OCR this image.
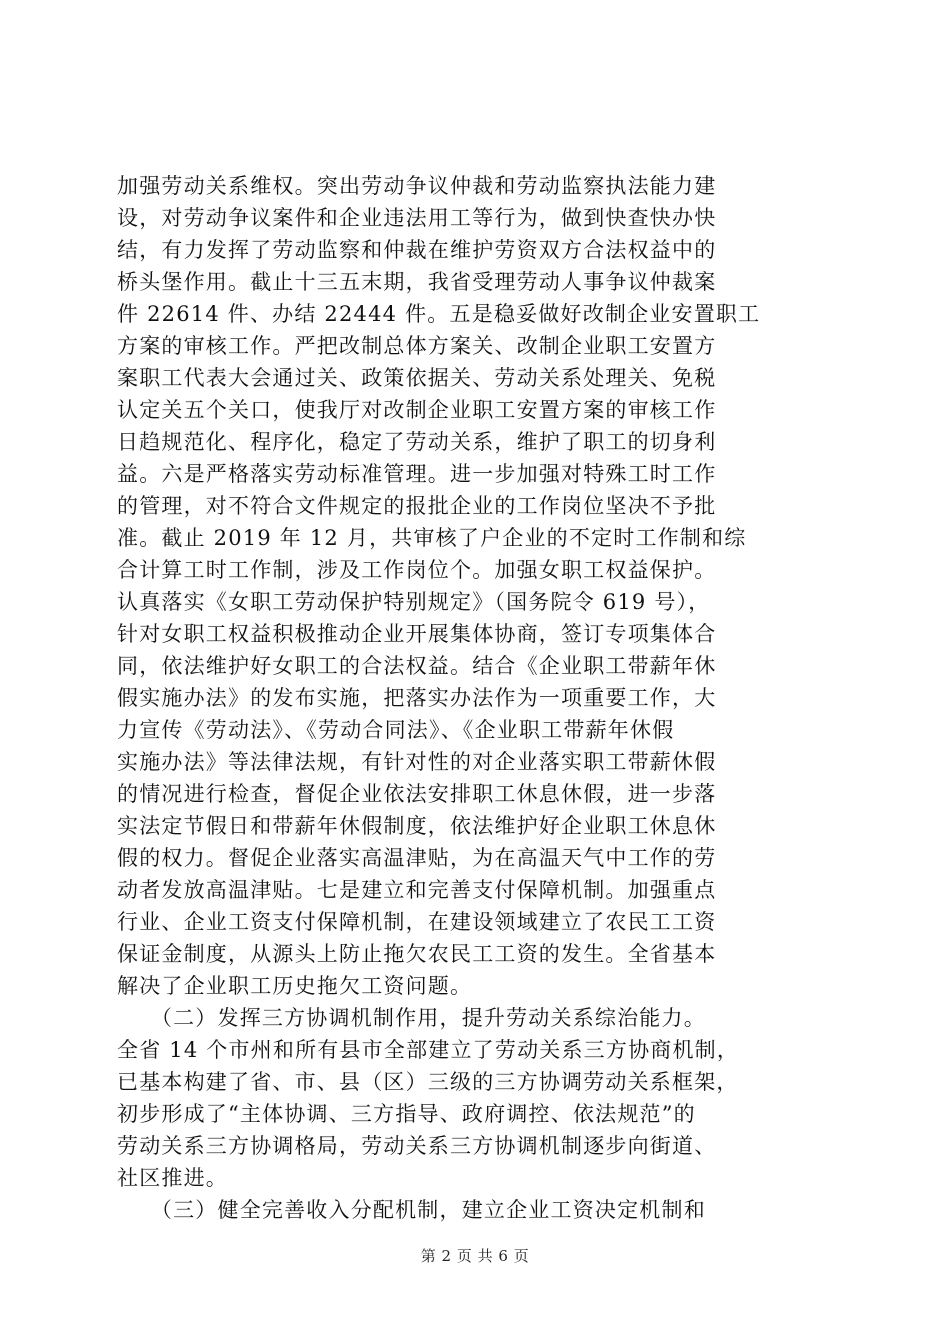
加强劳动关系维权。突出劳动争议仲裁和劳动监察执法能力建
设，对劳动争议案件和企业违法用工等行为，做到快查快办快
结，有力发挥了劳动监察和仲裁在维护劳资双方合法权益中的
桥头堡作用。截止十三五末期，我省受理劳动人事争议仲裁案
件 22614 件、办结 22444 件。五是稳妥做好改制企业安置职工
方案的审核工作。严把改制总体方案关、改制企业职工安置方
案职工代表大会通过关、政策依据关、劳动关系处理关、免税
认定关五个关口，使我厅对改制企业职工安置方案的审核工作
日趋规范化、程序化，稳定了劳动关系，维护了职工的切身利
益。六是严格落实劳动标准管理。进一步加强对特殊工时工作
的管理，对不符合文件规定的报批企业的工作岗位坚决不予批
准。截止 2019 年 12 月，共审核了户企业的不定时工作制和综
合计算工时工作制，涉及工作岗位个。加强女职工权益保护。
认真落实《女职工劳动保护特别规定》（国务院令 619 号），
针对女职工权益积极推动企业开展集体协商，签订专项集体合
同，依法维护好女职工的合法权益。结合《企业职工带薪年休
假实施办法》的发布实施，把落实办法作为一项重要工作，大
力宣传《劳动法》、《劳动合同法》、《企业职工带薪年休假
实施办法》等法律法规，有针对性的对企业落实职工带薪休假
的情况进行检查，督促企业依法安排职工休息休假，进一步落
实法定节假日和带薪年休假制度，依法维护好企业职工休息休
假的权力。督促企业落实高温津贴，为在高温天气中工作的劳
动者发放高温津贴。七是建立和完善支付保障机制。加强重点
行业、企业工资支付保障机制，在建设领域建立了农民工工资
保证金制度，从源头上防止拖欠农民工工资的发生。全省基本
解决了企业职工历史拖欠工资问题。
　　（二）发挥三方协调机制作用，提升劳动关系综治能力。
全省 14 个市州和所有县市全部建立了劳动关系三方协商机制，
已基本构建了省、市、县（区）三级的三方协调劳动关系框架，
初步形成了“主体协调、三方指导、政府调控、依法规范”的
劳动关系三方协调格局，劳动关系三方协调机制逐步向街道、
社区推进。
　　（三）健全完善收入分配机制，建立企业工资决定机制和
第 2 页 共 6 页
